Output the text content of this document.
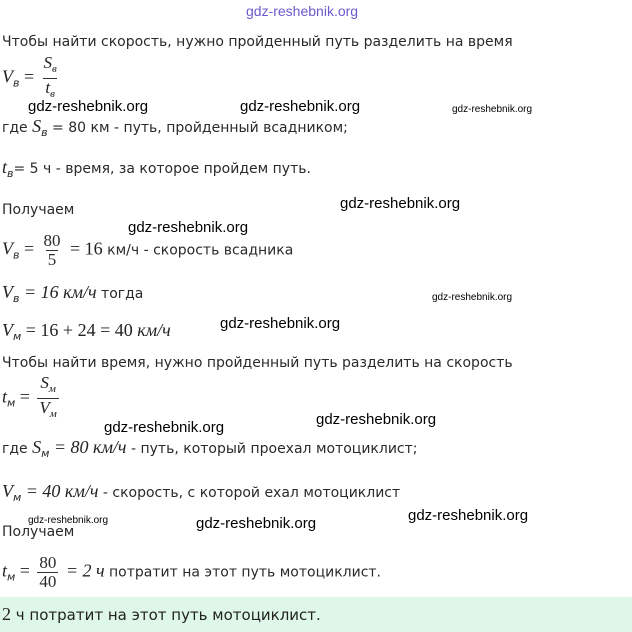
gdz-reshebnik.org
Чтобы найти скорость, нужно пройденный путь разделить на время
$V_в = \frac{S_в}{t_в}$
gdz-reshebnik.org	gdz-reshebnik.org	gdz-reshebnik.org
где $S_в = 80$ км - путь, пройденный всадником;
$t_в= 5$ ч - время, за которое пройдем путь.
gdz-reshebnik.org
Получаем
gdz-reshebnik.org
$V_в = \frac{80}{5} = 16$ км/ч - скорость всадника
$V_в = 16$ км/ч тогда	gdz-reshebnik.org
$V_м = 16 + 24 = 40$ км/ч	gdz-reshebnik.org
Чтобы найти время, нужно пройденный путь разделить на скорость
$t_м = \frac{S_м}{V_м}$	gdz-reshebnik.org
gdz-reshebnik.org
где $S_м = 80$ км/ч - путь, который проехал мотоциклист;
$V_м = 40$ км/ч - скорость, с которой ехал мотоциклист
gdz-reshebnik.org	gdz-reshebnik.org
gdz-reshebnik.org
Получаем
$t_м = \frac{80}{40} = 2$ ч потратит на этот путь мотоциклист.
2 ч потратит на этот путь мотоциклист.
